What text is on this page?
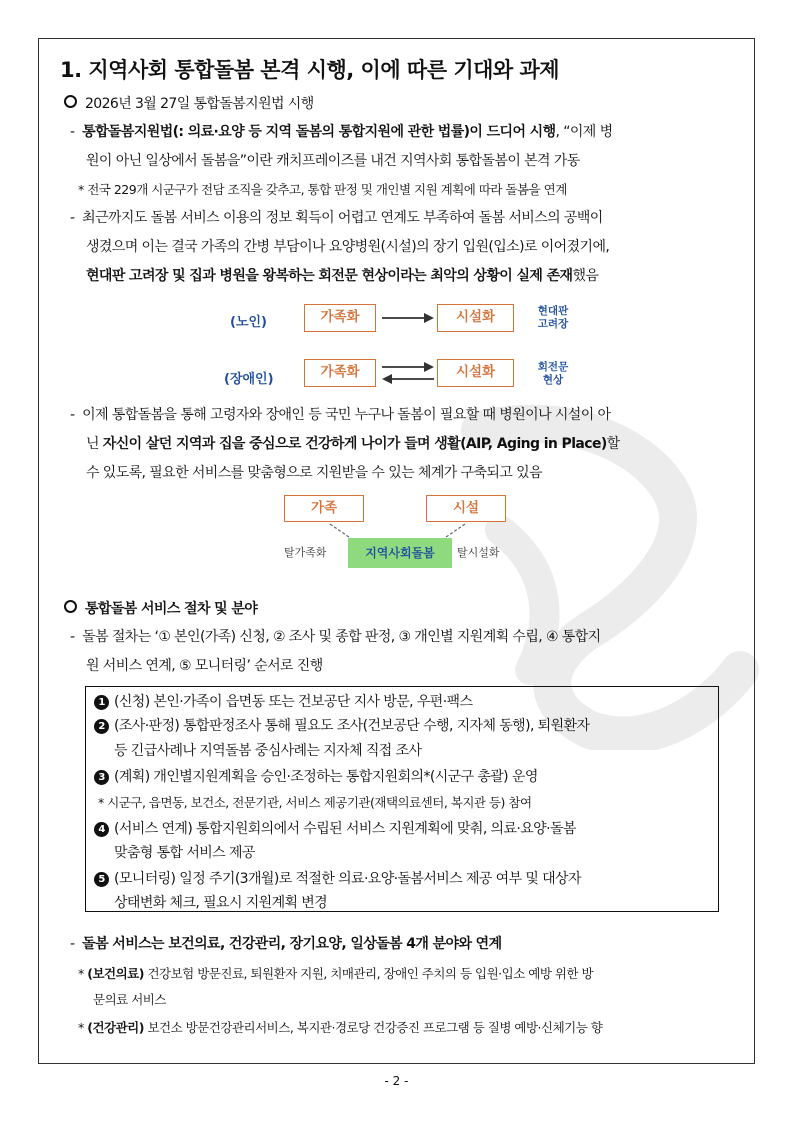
1. 지역사회 통합돌봄 본격 시행, 이에 따른 기대와 과제
2026년 3월 27일 통합돌봄지원법 시행
- 통합돌봄지원법(: 의료·요양 등 지역 돌봄의 통합지원에 관한 법률)이 드디어 시행, “이제 병
원이 아닌 일상에서 돌봄을”이란 캐치프레이즈를 내건 지역사회 통합돌봄이 본격 가동
* 전국 229개 시군구가 전담 조직을 갖추고, 통합 판정 및 개인별 지원 계획에 따라 돌봄을 연계
- 최근까지도 돌봄 서비스 이용의 정보 획득이 어렵고 연계도 부족하여 돌봄 서비스의 공백이
생겼으며 이는 결국 가족의 간병 부담이나 요양병원(시설)의 장기 입원(입소)로 이어졌기에,
현대판 고려장 및 집과 병원을 왕복하는 회전문 현상이라는 최악의 상황이 실제 존재했음
(노인)	가족화	시설화	현대판
고려장
(장애인)	가족화	시설화	회전문
현상
- 이제 통합돌봄을 통해 고령자와 장애인 등 국민 누구나 돌봄이 필요할 때 병원이나 시설이 아
닌 자신이 살던 지역과 집을 중심으로 건강하게 나이가 들며 생활(AIP, Aging in Place)할
수 있도록, 필요한 서비스를 맞춤형으로 지원받을 수 있는 체계가 구축되고 있음
가족	시설
탈가족화	지역사회돌봄	탈시설화
통합돌봄 서비스 절차 및 분야
- 돌봄 절차는 ‘① 본인(가족) 신청, ② 조사 및 종합 판정, ③ 개인별 지원계획 수립, ④ 통합지
원 서비스 연계, ⑤ 모니터링’ 순서로 진행
1 (신청) 본인·가족이 읍면동 또는 건보공단 지사 방문, 우편·팩스
2 (조사·판정) 통합판정조사 통해 필요도 조사(건보공단 수행, 지자체 동행), 퇴원환자
등 긴급사례나 지역돌봄 중심사례는 지자체 직접 조사
3 (계획) 개인별지원계획을 승인·조정하는 통합지원회의*(시군구 총괄) 운영
* 시군구, 읍면동, 보건소, 전문기관, 서비스 제공기관(재택의료센터, 복지관 등) 참여
4 (서비스 연계) 통합지원회의에서 수립된 서비스 지원계획에 맞춰, 의료·요양·돌봄
맞춤형 통합 서비스 제공
5 (모니터링) 일정 주기(3개월)로 적절한 의료·요양·돌봄서비스 제공 여부 및 대상자
상태변화 체크, 필요시 지원계획 변경
- 돌봄 서비스는 보건의료, 건강관리, 장기요양, 일상돌봄 4개 분야와 연계
* (보건의료) 건강보험 방문진료, 퇴원환자 지원, 치매관리, 장애인 주치의 등 입원·입소 예방 위한 방
문의료 서비스
* (건강관리) 보건소 방문건강관리서비스, 복지관·경로당 건강증진 프로그램 등 질병 예방·신체기능 향
- 2 -
